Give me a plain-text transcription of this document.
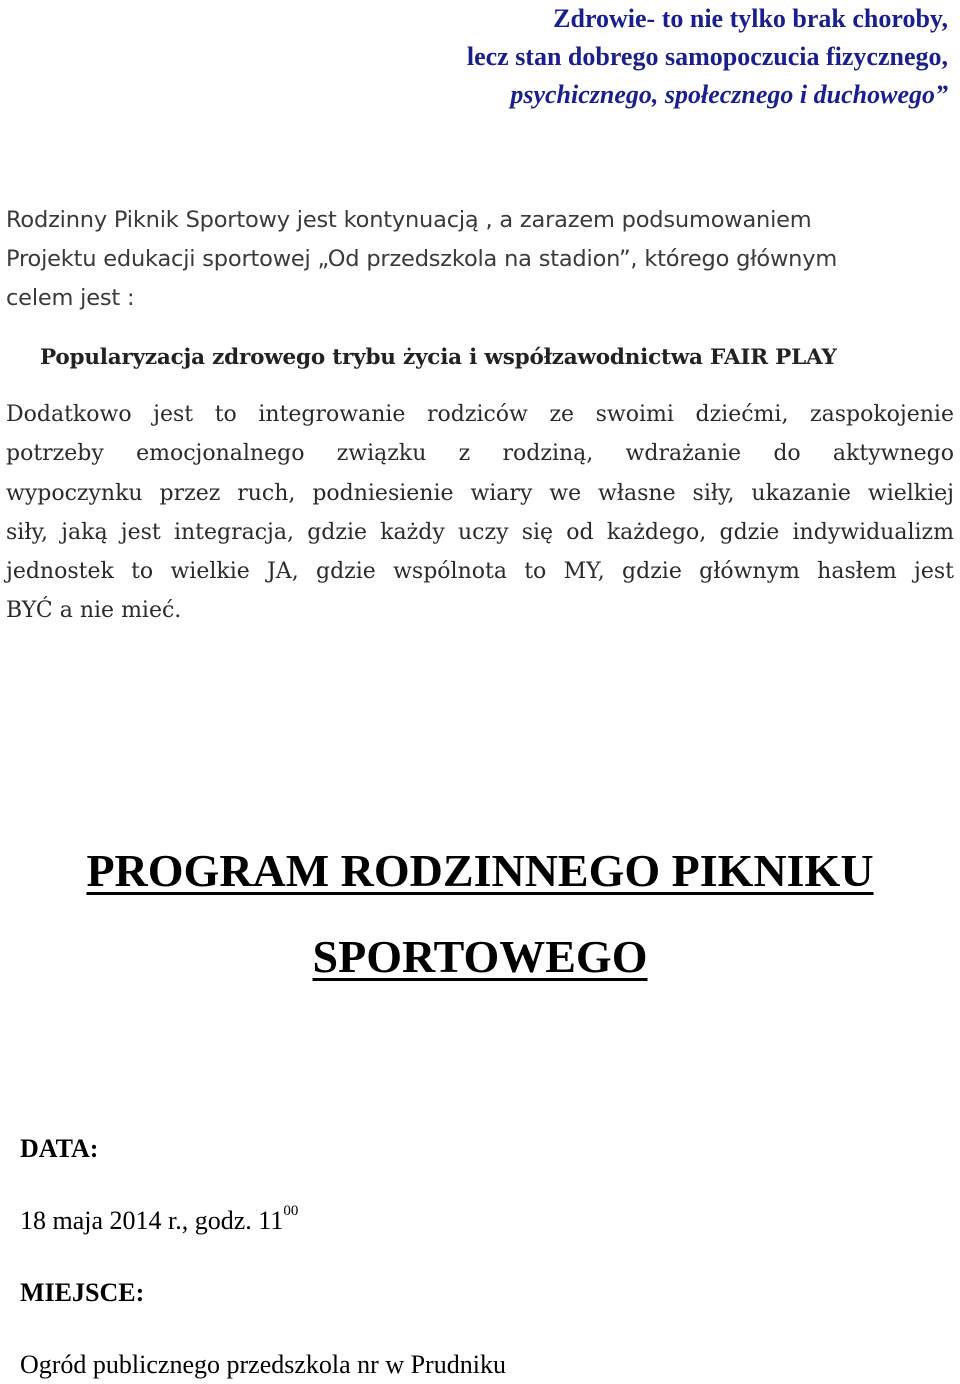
Zdrowie- to nie tylko brak choroby,
lecz stan dobrego samopoczucia fizycznego,
psychicznego, społecznego i duchowego”
Rodzinny Piknik Sportowy jest kontynuacją , a zarazem podsumowaniem
Projektu edukacji sportowej „Od przedszkola na stadion”, którego głównym
celem jest :
Popularyzacja zdrowego trybu życia i współzawodnictwa FAIR PLAY
Dodatkowo jest to integrowanie rodziców ze swoimi dziećmi, zaspokojenie
potrzeby emocjonalnego związku z rodziną, wdrażanie do aktywnego
wypoczynku przez ruch, podniesienie wiary we własne siły, ukazanie wielkiej
siły, jaką jest integracja, gdzie każdy uczy się od każdego, gdzie indywidualizm
jednostek to wielkie JA, gdzie wspólnota to MY, gdzie głównym hasłem jest
BYĆ a nie mieć.
PROGRAM RODZINNEGO PIKNIKU
SPORTOWEGO
DATA:
18 maja 2014 r., godz. $11^{00}$
MIEJSCE:
Ogród publicznego przedszkola nr w Prudniku
